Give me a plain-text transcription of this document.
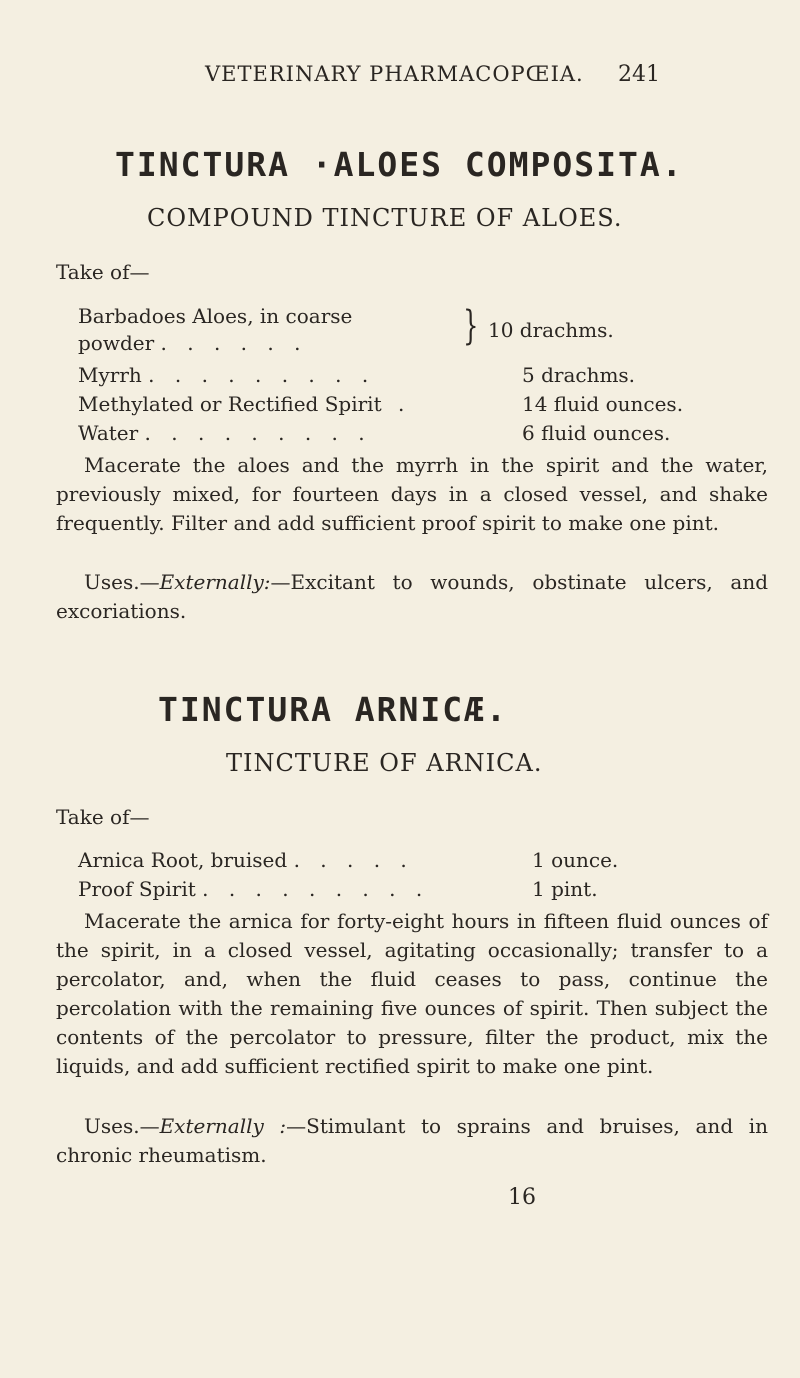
VETERINARY PHARMACOPŒIA. 241
TINCTURA ·ALOES COMPOSITA.
COMPOUND TINCTURE OF ALOES.
Take of—
Barbadoes Aloes, in coarse
powder . . . . . .	} 10 drachms.
Myrrh . . . . . . . . .	5 drachms.
Methylated or Rectified Spirit .	14 fluid ounces.
Water . . . . . . . . .	6 fluid ounces.

Macerate the aloes and the myrrh in the spirit and the water, previously mixed, for fourteen days in a closed vessel, and shake frequently. Filter and add sufficient proof spirit to make one pint.

Uses.—Externally:—Excitant to wounds, obstinate ulcers, and excoriations.

TINCTURA ARNICÆ.
TINCTURE OF ARNICA.
Take of—
Arnica Root, bruised . . . . .	1 ounce.
Proof Spirit . . . . . . . . .	1 pint.

Macerate the arnica for forty-eight hours in fifteen fluid ounces of the spirit, in a closed vessel, agitating occasionally; transfer to a percolator, and, when the fluid ceases to pass, continue the percolation with the remaining five ounces of spirit. Then subject the contents of the percolator to pressure, filter the product, mix the liquids, and add sufficient rectified spirit to make one pint.

Uses.—Externally :—Stimulant to sprains and bruises, and in chronic rheumatism.

16
